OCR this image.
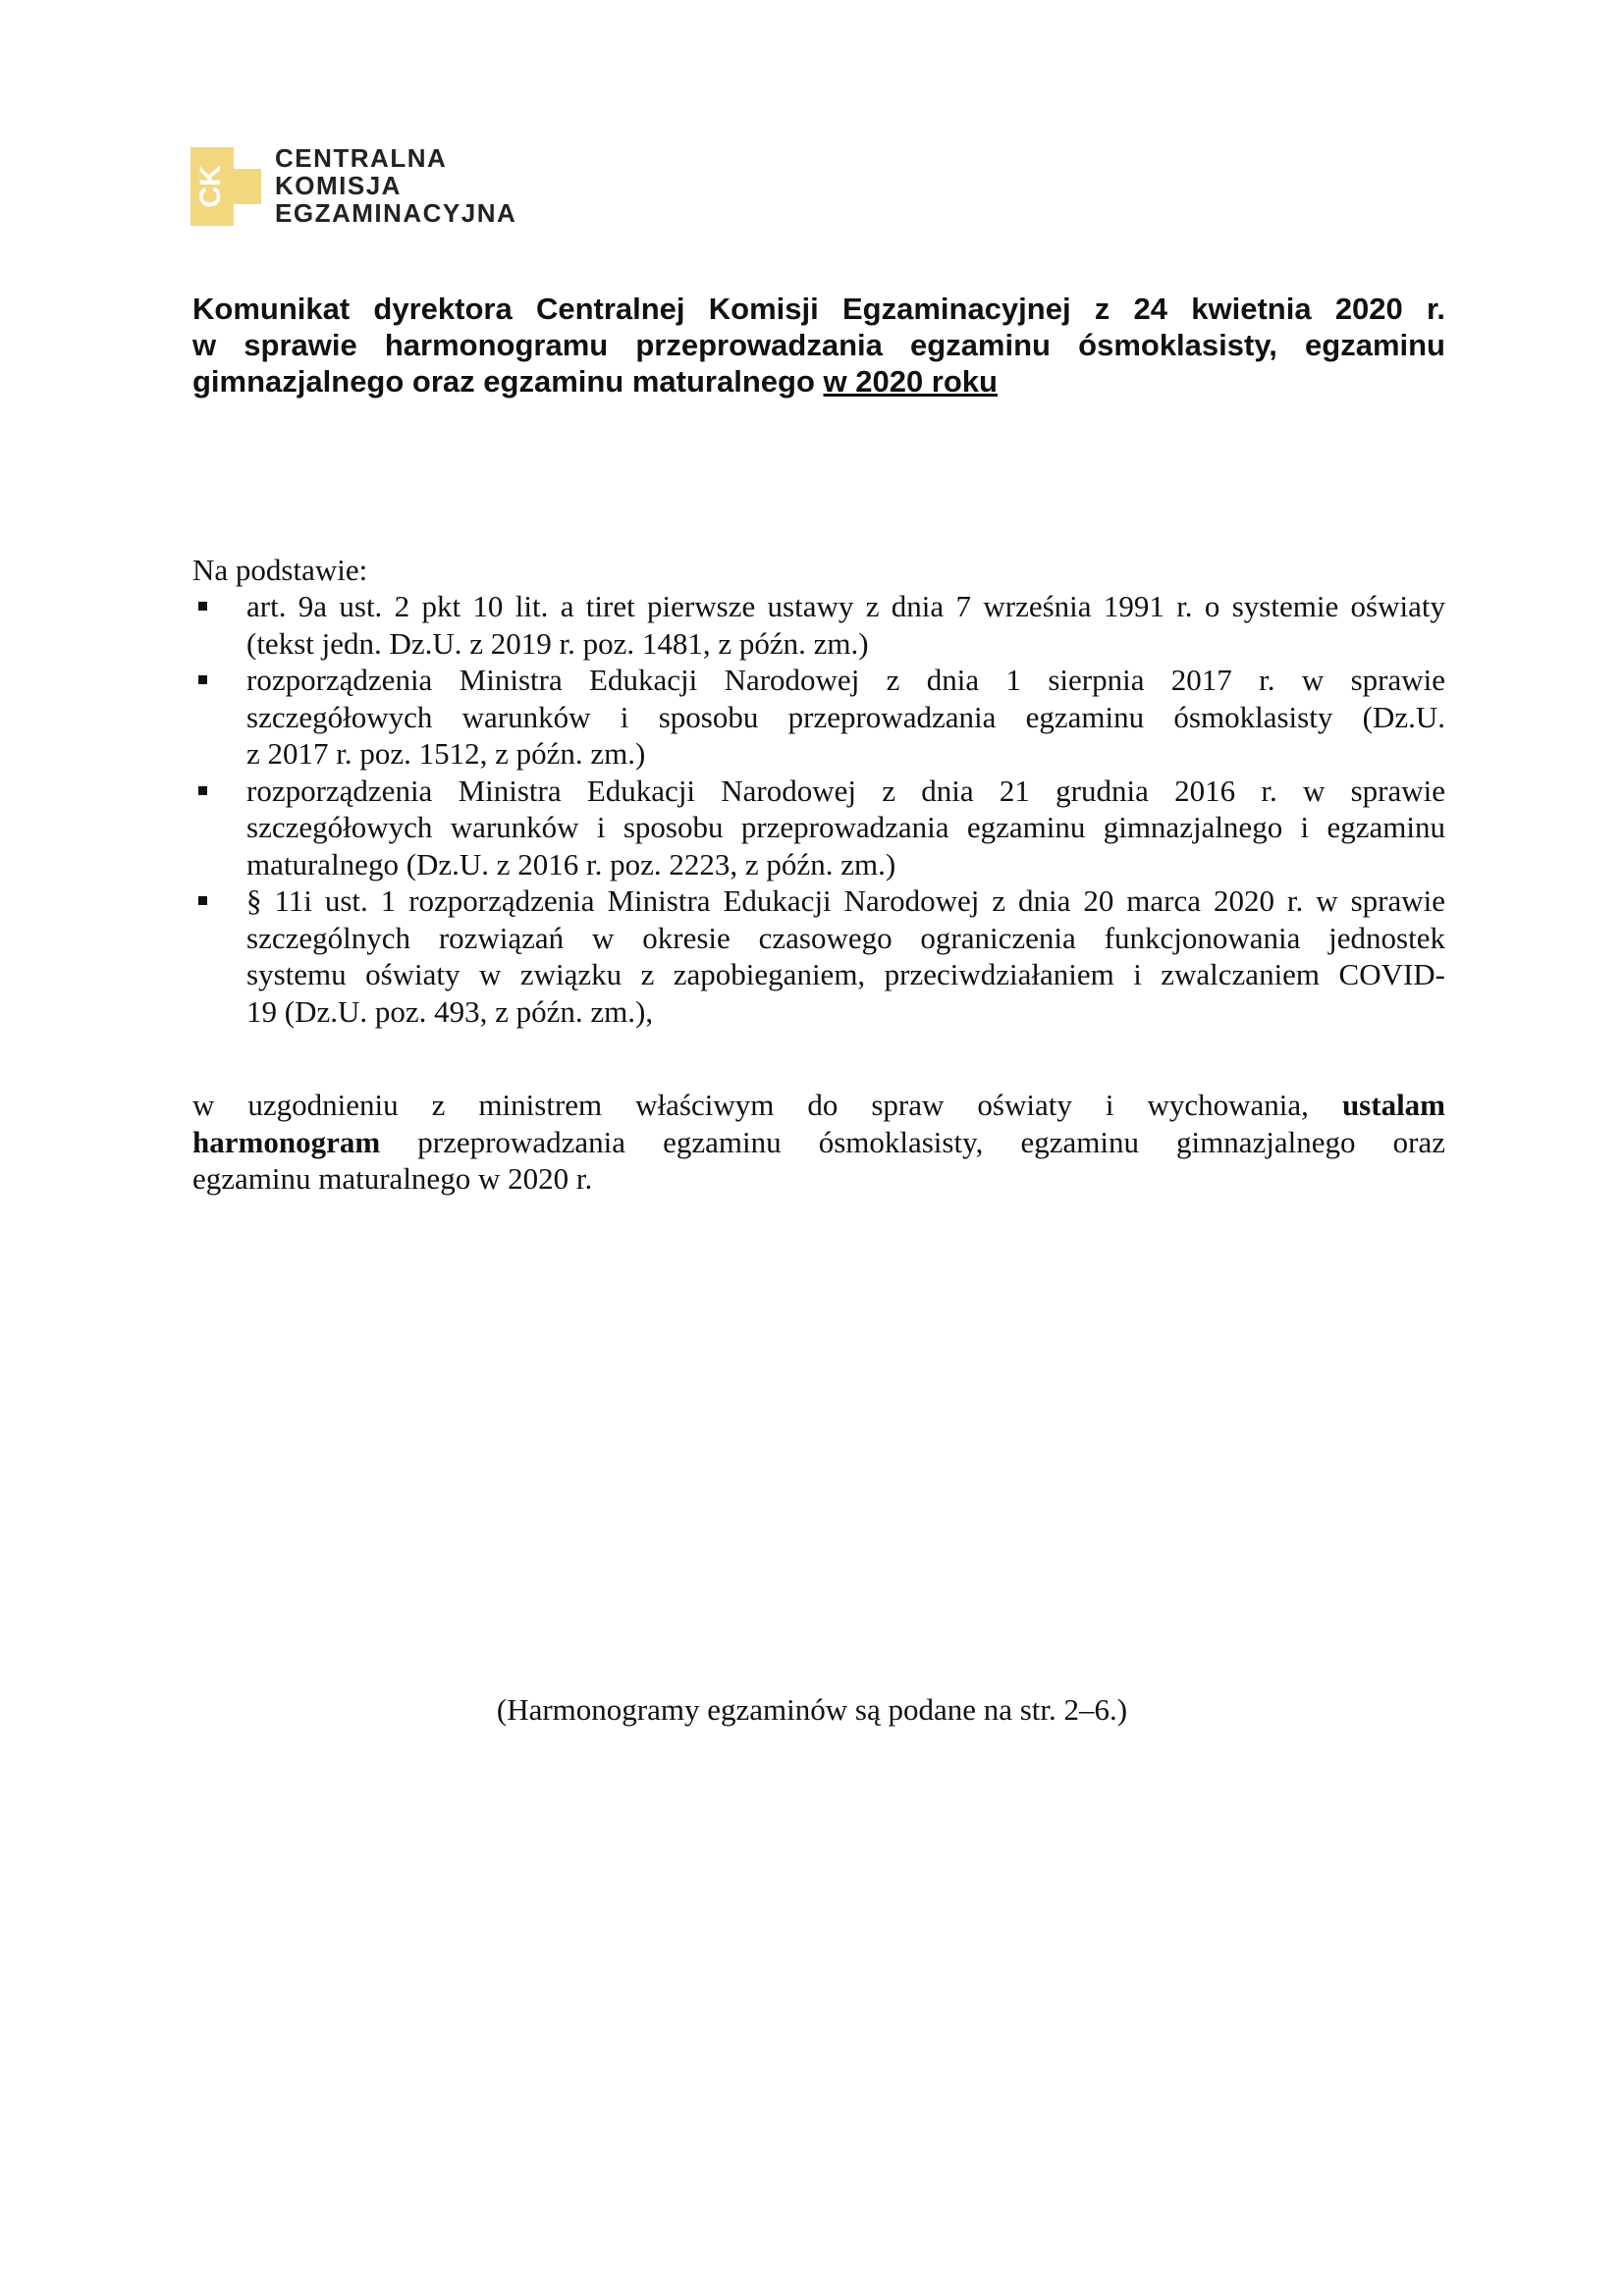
CK
CENTRALNA
KOMISJA
EGZAMINACYJNA
Komunikat dyrektora Centralnej Komisji Egzaminacyjnej z 24 kwietnia 2020 r.
w sprawie harmonogramu przeprowadzania egzaminu ósmoklasisty, egzaminu
gimnazjalnego oraz egzaminu maturalnego w 2020 roku
Na podstawie:
art. 9a ust. 2 pkt 10 lit. a tiret pierwsze ustawy z dnia 7 września 1991 r. o systemie oświaty
(tekst jedn. Dz.U. z 2019 r. poz. 1481, z późn. zm.)
rozporządzenia Ministra Edukacji Narodowej z dnia 1 sierpnia 2017 r. w sprawie
szczegółowych warunków i sposobu przeprowadzania egzaminu ósmoklasisty (Dz.U.
z 2017 r. poz. 1512, z późn. zm.)
rozporządzenia Ministra Edukacji Narodowej z dnia 21 grudnia 2016 r. w sprawie
szczegółowych warunków i sposobu przeprowadzania egzaminu gimnazjalnego i egzaminu
maturalnego (Dz.U. z 2016 r. poz. 2223, z późn. zm.)
§ 11i ust. 1 rozporządzenia Ministra Edukacji Narodowej z dnia 20 marca 2020 r. w sprawie
szczególnych rozwiązań w okresie czasowego ograniczenia funkcjonowania jednostek
systemu oświaty w związku z zapobieganiem, przeciwdziałaniem i zwalczaniem COVID-
19 (Dz.U. poz. 493, z późn. zm.),
w uzgodnieniu z ministrem właściwym do spraw oświaty i wychowania, ustalam
harmonogram przeprowadzania egzaminu ósmoklasisty, egzaminu gimnazjalnego oraz
egzaminu maturalnego w 2020 r.
(Harmonogramy egzaminów są podane na str. 2–6.)
